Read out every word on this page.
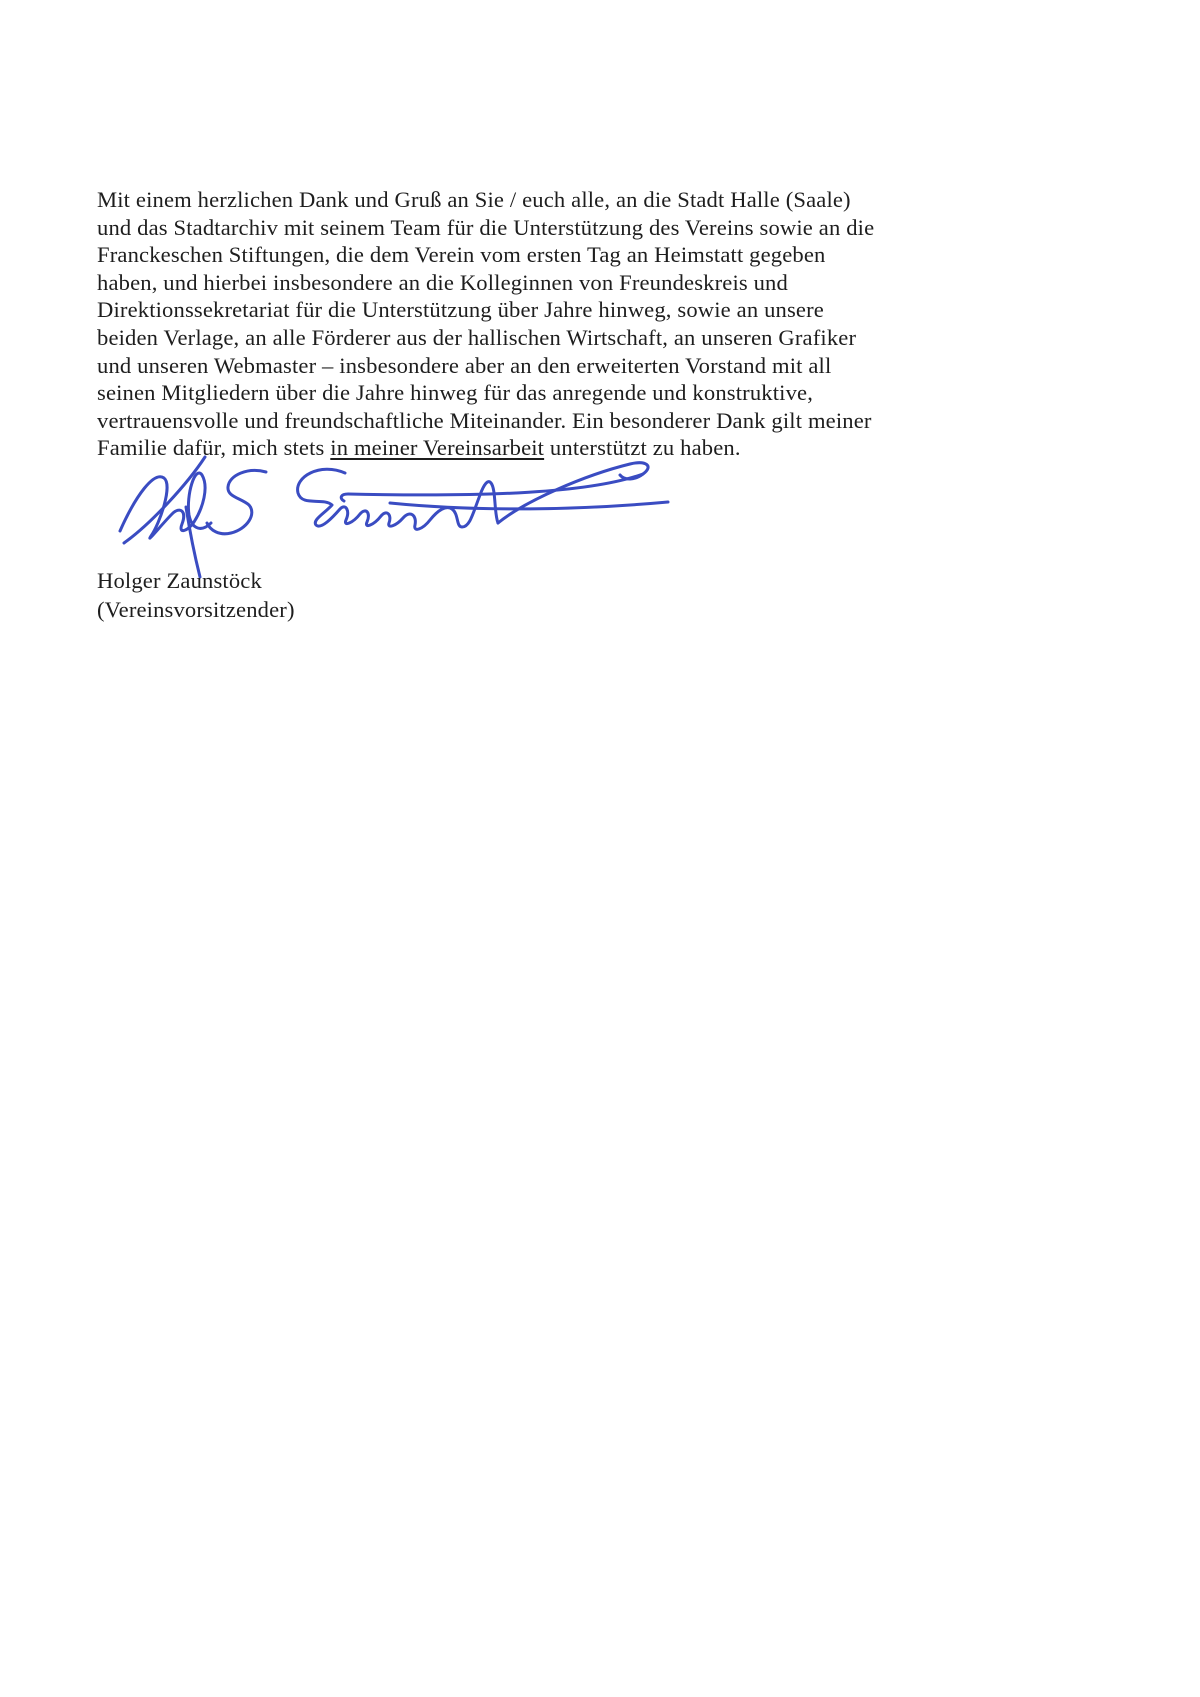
Mit einem herzlichen Dank und Gruß an Sie / euch alle, an die Stadt Halle (Saale)
und das Stadtarchiv mit seinem Team für die Unterstützung des Vereins sowie an die
Franckeschen Stiftungen, die dem Verein vom ersten Tag an Heimstatt gegeben
haben, und hierbei insbesondere an die Kolleginnen von Freundeskreis und
Direktionssekretariat für die Unterstützung über Jahre hinweg, sowie an unsere
beiden Verlage, an alle Förderer aus der hallischen Wirtschaft, an unseren Grafiker
und unseren Webmaster – insbesondere aber an den erweiterten Vorstand mit all
seinen Mitgliedern über die Jahre hinweg für das anregende und konstruktive,
vertrauensvolle und freundschaftliche Miteinander. Ein besonderer Dank gilt meiner
Familie dafür, mich stets in meiner Vereinsarbeit unterstützt zu haben.
Holger Zaunstöck
(Vereinsvorsitzender)
